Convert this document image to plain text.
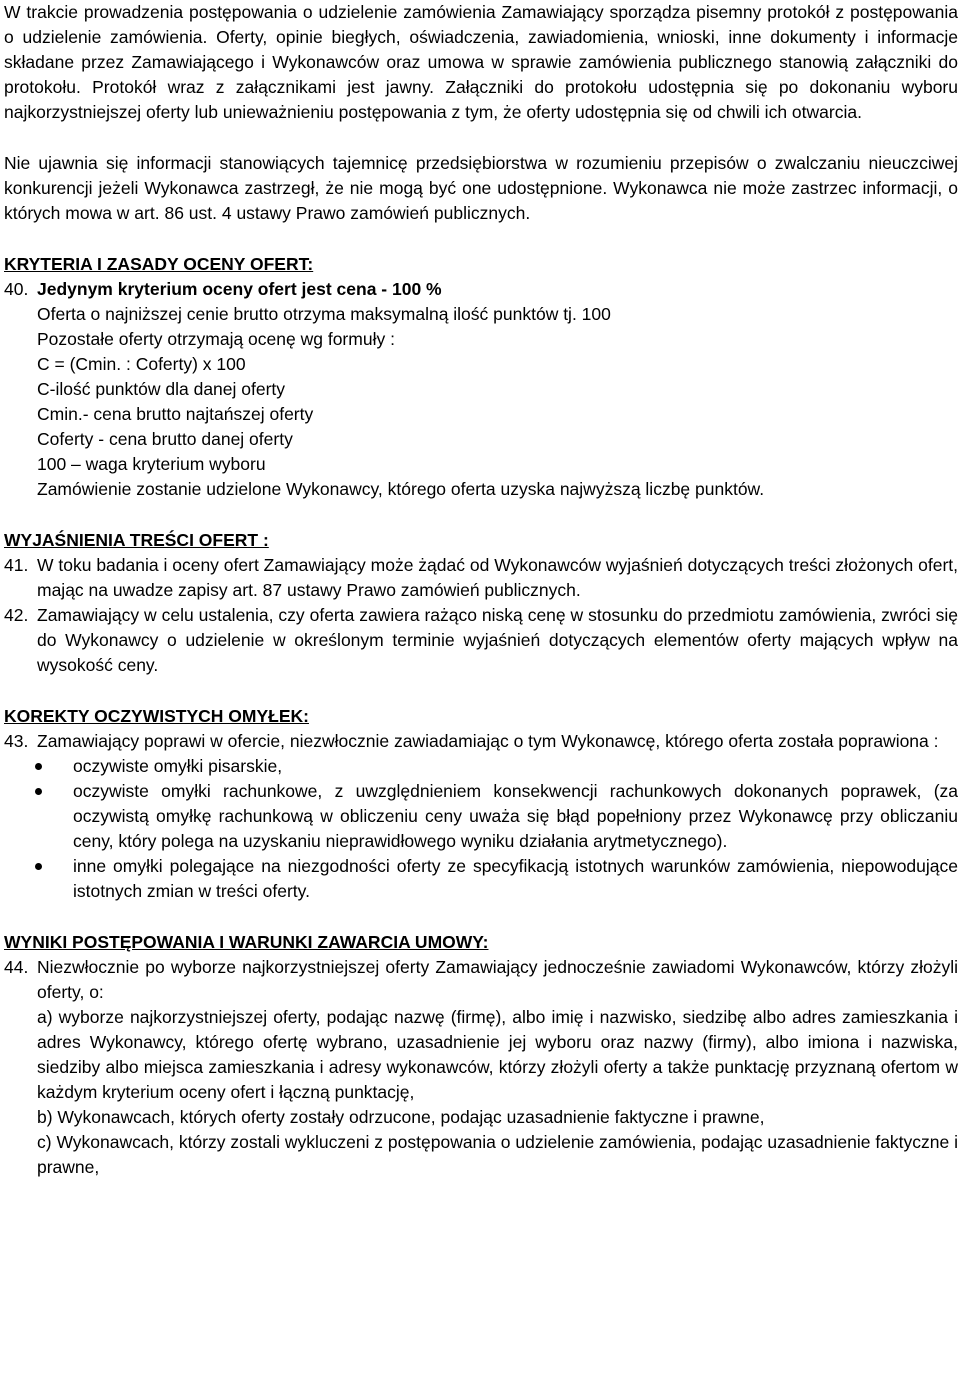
W trakcie prowadzenia postępowania o udzielenie zamówienia Zamawiający sporządza pisemny protokół z postępowania o udzielenie zamówienia. Oferty, opinie biegłych, oświadczenia, zawiadomienia, wnioski, inne dokumenty i informacje składane przez Zamawiającego i Wykonawców oraz umowa w sprawie zamówienia publicznego stanowią załączniki do protokołu. Protokół wraz z załącznikami jest jawny. Załączniki do protokołu udostępnia się po dokonaniu wyboru najkorzystniejszej oferty lub unieważnieniu postępowania z tym, że oferty udostępnia się od chwili ich otwarcia.

Nie ujawnia się informacji stanowiących tajemnicę przedsiębiorstwa w rozumieniu przepisów o zwalczaniu nieuczciwej konkurencji jeżeli Wykonawca zastrzegł, że nie mogą być one udostępnione. Wykonawca nie może zastrzec informacji, o których mowa w art. 86 ust. 4 ustawy Prawo zamówień publicznych.

KRYTERIA I ZASADY OCENY OFERT:

40. Jedynym kryterium oceny ofert jest cena - 100 %
Oferta o najniższej cenie brutto otrzyma maksymalną ilość punktów tj. 100
Pozostałe oferty otrzymają ocenę wg formuły :
C = (Cmin. : Coferty) x 100
C-ilość punktów dla danej oferty
Cmin.- cena brutto najtańszej oferty
Coferty - cena brutto danej oferty
100 – waga kryterium wyboru
Zamówienie zostanie udzielone Wykonawcy, którego oferta uzyska najwyższą liczbę punktów.

WYJAŚNIENIA TREŚCI OFERT :

41. W toku badania i oceny ofert Zamawiający może żądać od Wykonawców wyjaśnień dotyczących treści złożonych ofert, mając na uwadze zapisy art. 87 ustawy Prawo zamówień publicznych.
42. Zamawiający w celu ustalenia, czy oferta zawiera rażąco niską cenę w stosunku do przedmiotu zamówienia, zwróci się do Wykonawcy o udzielenie w określonym terminie wyjaśnień dotyczących elementów oferty mających wpływ na wysokość ceny.

KOREKTY OCZYWISTYCH OMYŁEK:

43. Zamawiający poprawi w ofercie, niezwłocznie zawiadamiając o tym Wykonawcę, którego oferta została poprawiona :
oczywiste omyłki pisarskie,
oczywiste omyłki rachunkowe, z uwzględnieniem konsekwencji rachunkowych dokonanych poprawek, (za oczywistą omyłkę rachunkową w obliczeniu ceny uważa się błąd popełniony przez Wykonawcę przy obliczaniu ceny, który polega na uzyskaniu nieprawidłowego wyniku działania arytmetycznego).
inne omyłki polegające na niezgodności oferty ze specyfikacją istotnych warunków zamówienia, niepowodujące istotnych zmian w treści oferty.

WYNIKI POSTĘPOWANIA I WARUNKI ZAWARCIA UMOWY:

44. Niezwłocznie po wyborze najkorzystniejszej oferty Zamawiający jednocześnie zawiadomi Wykonawców, którzy złożyli oferty, o:
a) wyborze najkorzystniejszej oferty, podając nazwę (firmę), albo imię i nazwisko, siedzibę albo adres zamieszkania i adres Wykonawcy, którego ofertę wybrano, uzasadnienie jej wyboru oraz nazwy (firmy), albo imiona i nazwiska, siedziby albo miejsca zamieszkania i adresy wykonawców, którzy złożyli oferty a także punktację przyznaną ofertom w każdym kryterium oceny ofert i łączną punktację,
b) Wykonawcach, których oferty zostały odrzucone, podając uzasadnienie faktyczne i prawne,
c) Wykonawcach, którzy zostali wykluczeni z postępowania o udzielenie zamówienia, podając uzasadnienie faktyczne i prawne,
